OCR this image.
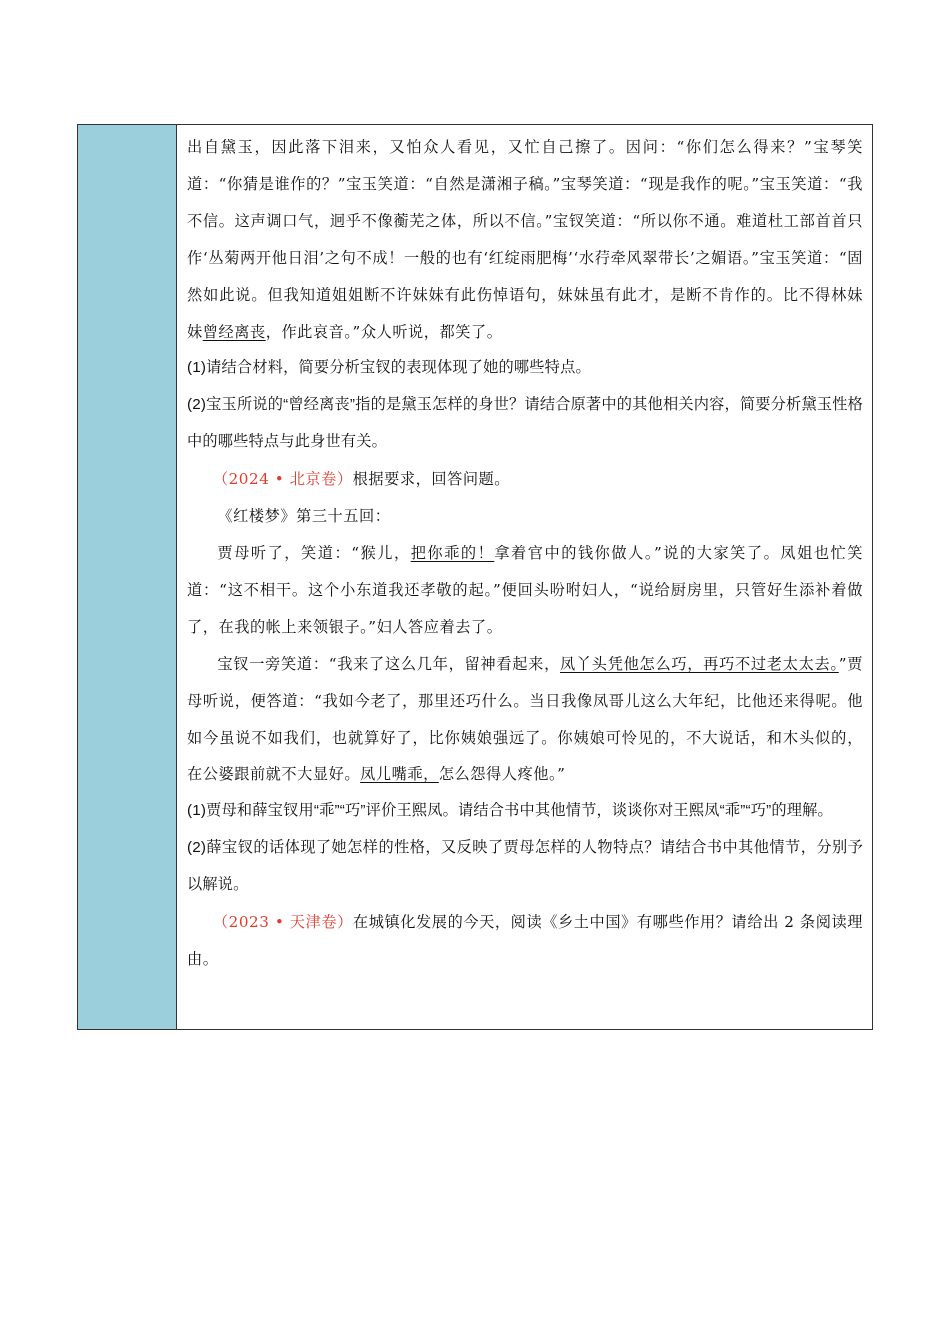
出自黛玉，因此落下泪来，又怕众人看见，又忙自己擦了。因问：“你们怎么得来？”宝琴笑道：“你猜是谁作的？”宝玉笑道：“自然是潇湘子稿。”宝琴笑道：“现是我作的呢。”宝玉笑道：“我不信。这声调口气，迥乎不像蘅芜之体，所以不信。”宝钗笑道：“所以你不通。难道杜工部首首只作‘丛菊两开他日泪’之句不成！一般的也有‘红绽雨肥梅’‘水荇牵风翠带长’之媚语。”宝玉笑道：“固然如此说。但我知道姐姐断不许妹妹有此伤悼语句，妹妹虽有此才，是断不肯作的。比不得林妹妹曾经离丧，作此哀音。”众人听说，都笑了。

(1)请结合材料，简要分析宝钗的表现体现了她的哪些特点。

(2)宝玉所说的“曾经离丧”指的是黛玉怎样的身世？请结合原著中的其他相关内容，简要分析黛玉性格中的哪些特点与此身世有关。

（2024 • 北京卷）根据要求，回答问题。

《红楼梦》第三十五回：

贾母听了，笑道：“猴儿，把你乖的！拿着官中的钱你做人。”说的大家笑了。凤姐也忙笑道：“这不相干。这个小东道我还孝敬的起。”便回头吩咐妇人，“说给厨房里，只管好生添补着做了，在我的帐上来领银子。”妇人答应着去了。

宝钗一旁笑道：“我来了这么几年，留神看起来，凤丫头凭他怎么巧，再巧不过老太太去。”贾母听说，便答道：“我如今老了，那里还巧什么。当日我像凤哥儿这么大年纪，比他还来得呢。他如今虽说不如我们，也就算好了，比你姨娘强远了。你姨娘可怜见的，不大说话，和木头似的，在公婆跟前就不大显好。凤儿嘴乖，怎么怨得人疼他。”

(1)贾母和薛宝钗用“乖”“巧”评价王熙凤。请结合书中其他情节，谈谈你对王熙凤“乖”“巧”的理解。

(2)薛宝钗的话体现了她怎样的性格，又反映了贾母怎样的人物特点？请结合书中其他情节，分别予以解说。

（2023 • 天津卷）在城镇化发展的今天，阅读《乡土中国》有哪些作用？请给出 2 条阅读理由。
